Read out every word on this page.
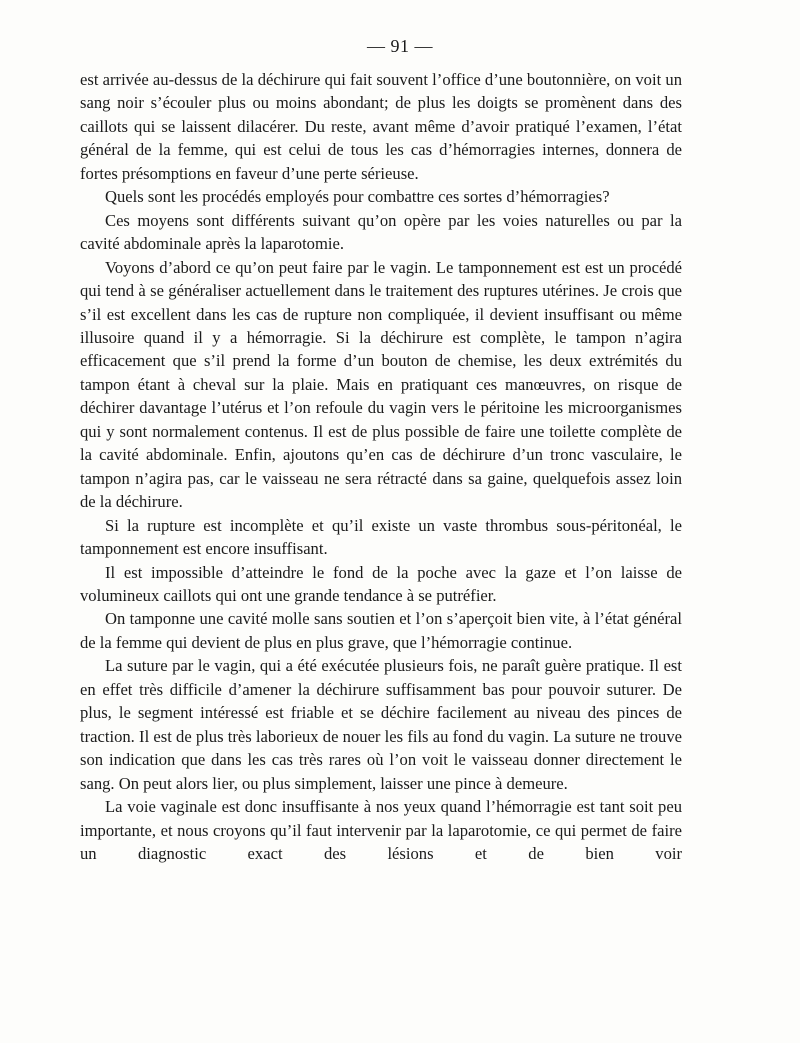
— 91 —

est arrivée au-dessus de la déchirure qui fait souvent l’office d’une boutonnière, on voit un sang noir s’écouler plus ou moins abondant; de plus les doigts se promènent dans des caillots qui se laissent dilacérer. Du reste, avant même d’avoir pratiqué l’examen, l’état général de la femme, qui est celui de tous les cas d’hémorragies internes, donnera de fortes présomptions en faveur d’une perte sérieuse.

Quels sont les procédés employés pour combattre ces sortes d’hémorragies?

Ces moyens sont différents suivant qu’on opère par les voies naturelles ou par la cavité abdominale après la laparotomie.

Voyons d’abord ce qu’on peut faire par le vagin. Le tamponnement est est un procédé qui tend à se généraliser actuellement dans le traitement des ruptures utérines. Je crois que s’il est excellent dans les cas de rupture non compliquée, il devient insuffisant ou même illusoire quand il y a hémorragie. Si la déchirure est complète, le tampon n’agira efficacement que s’il prend la forme d’un bouton de chemise, les deux extrémités du tampon étant à cheval sur la plaie. Mais en pratiquant ces manœuvres, on risque de déchirer davantage l’utérus et l’on refoule du vagin vers le péritoine les microorganismes qui y sont normalement contenus. Il est de plus possible de faire une toilette complète de la cavité abdominale. Enfin, ajoutons qu’en cas de déchirure d’un tronc vasculaire, le tampon n’agira pas, car le vaisseau ne sera rétracté dans sa gaine, quelquefois assez loin de la déchirure.

Si la rupture est incomplète et qu’il existe un vaste thrombus sous-péritonéal, le tamponnement est encore insuffisant.

Il est impossible d’atteindre le fond de la poche avec la gaze et l’on laisse de volumineux caillots qui ont une grande tendance à se putréfier.

On tamponne une cavité molle sans soutien et l’on s’aperçoit bien vite, à l’état général de la femme qui devient de plus en plus grave, que l’hémorragie continue.

La suture par le vagin, qui a été exécutée plusieurs fois, ne paraît guère pratique. Il est en effet très difficile d’amener la déchirure suffisamment bas pour pouvoir suturer. De plus, le segment intéressé est friable et se déchire facilement au niveau des pinces de traction. Il est de plus très laborieux de nouer les fils au fond du vagin. La suture ne trouve son indication que dans les cas très rares où l’on voit le vaisseau donner directement le sang. On peut alors lier, ou plus simplement, laisser une pince à demeure.

La voie vaginale est donc insuffisante à nos yeux quand l’hémorragie est tant soit peu importante, et nous croyons qu’il faut intervenir par la laparotomie, ce qui permet de faire un diagnostic exact des lésions et de bien voir
